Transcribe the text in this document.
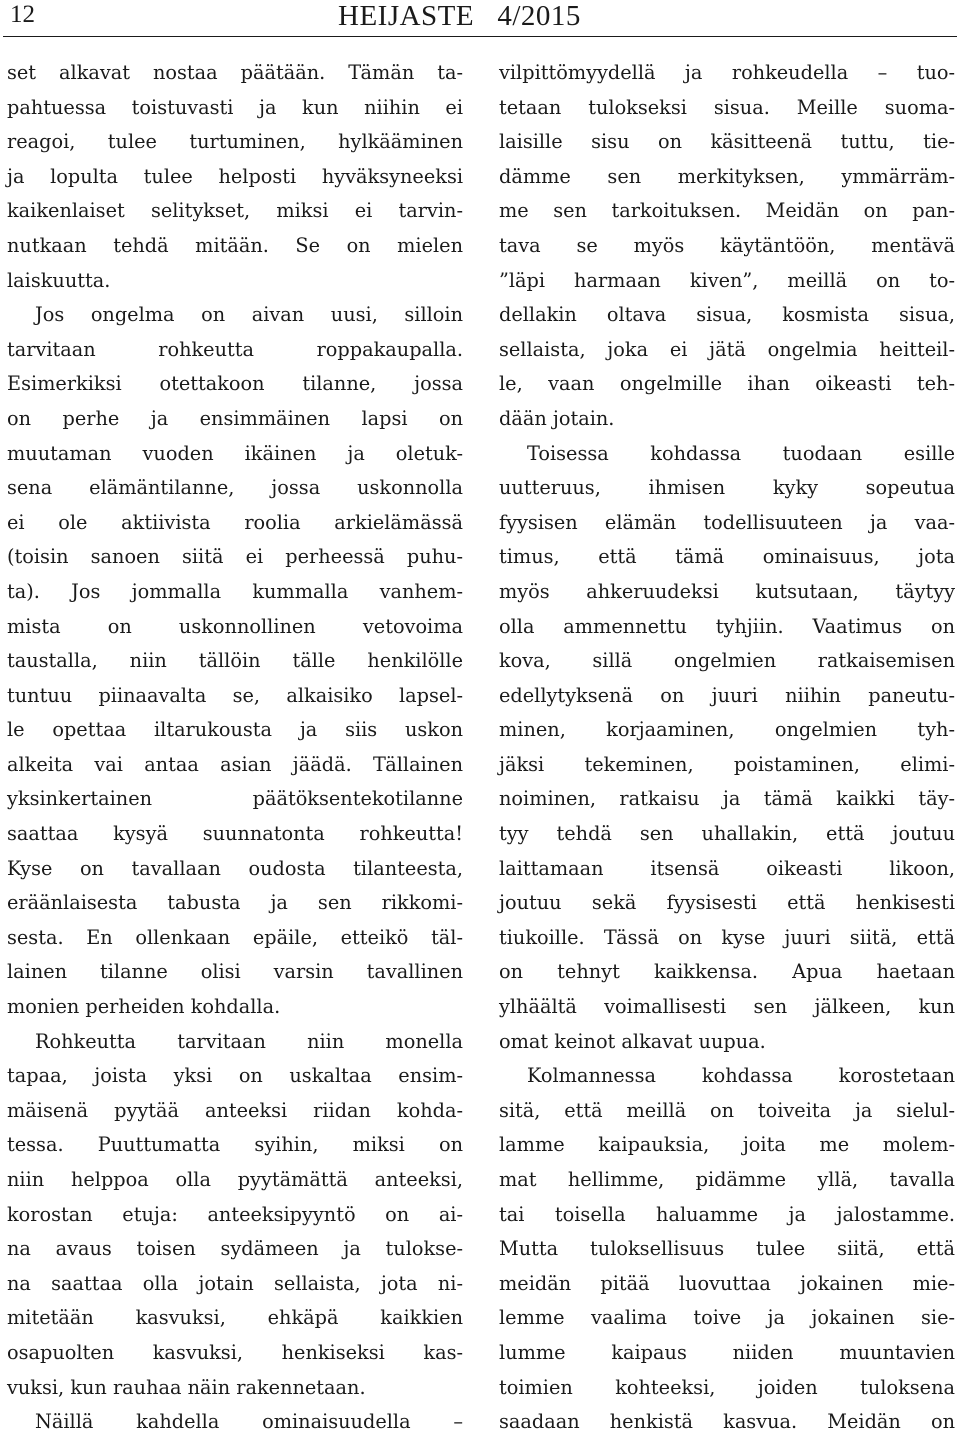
12	HEIJASTE   4/2015
set alkavat nostaa päätään. Tämän ta-
pahtuessa toistuvasti ja kun niihin ei
reagoi, tulee turtuminen, hylkääminen
ja lopulta tulee helposti hyväksyneeksi
kaikenlaiset selitykset, miksi ei tarvin-
nutkaan tehdä mitään. Se on mielen
laiskuutta.
Jos ongelma on aivan uusi, silloin
tarvitaan rohkeutta roppakaupalla.
Esimerkiksi otettakoon tilanne, jossa
on perhe ja ensimmäinen lapsi on
muutaman vuoden ikäinen ja oletuk-
sena elämäntilanne, jossa uskonnolla
ei ole aktiivista roolia arkielämässä
(toisin sanoen siitä ei perheessä puhu-
ta). Jos jommalla kummalla vanhem-
mista on uskonnollinen vetovoima
taustalla, niin tällöin tälle henkilölle
tuntuu piinaavalta se, alkaisiko lapsel-
le opettaa iltarukousta ja siis uskon
alkeita vai antaa asian jäädä. Tällainen
yksinkertainen päätöksentekotilanne
saattaa kysyä suunnatonta rohkeutta!
Kyse on tavallaan oudosta tilanteesta,
eräänlaisesta tabusta ja sen rikkomi-
sesta. En ollenkaan epäile, etteikö täl-
lainen tilanne olisi varsin tavallinen
monien perheiden kohdalla.
Rohkeutta tarvitaan niin monella
tapaa, joista yksi on uskaltaa ensim-
mäisenä pyytää anteeksi riidan kohda-
tessa. Puuttumatta syihin, miksi on
niin helppoa olla pyytämättä anteeksi,
korostan etuja: anteeksipyyntö on ai-
na avaus toisen sydämeen ja tulokse-
na saattaa olla jotain sellaista, jota ni-
mitetään kasvuksi, ehkäpä kaikkien
osapuolten kasvuksi, henkiseksi kas-
vuksi, kun rauhaa näin rakennetaan.
Näillä kahdella ominaisuudella –
vilpittömyydellä ja rohkeudella – tuo-
tetaan tulokseksi sisua. Meille suoma-
laisille sisu on käsitteenä tuttu, tie-
dämme sen merkityksen, ymmärräm-
me sen tarkoituksen. Meidän on pan-
tava se myös käytäntöön, mentävä
”läpi harmaan kiven”, meillä on to-
dellakin oltava sisua, kosmista sisua,
sellaista, joka ei jätä ongelmia heitteil-
le, vaan ongelmille ihan oikeasti teh-
dään jotain.
Toisessa kohdassa tuodaan esille
uutteruus, ihmisen kyky sopeutua
fyysisen elämän todellisuuteen ja vaa-
timus, että tämä ominaisuus, jota
myös ahkeruudeksi kutsutaan, täytyy
olla ammennettu tyhjiin. Vaatimus on
kova, sillä ongelmien ratkaisemisen
edellytyksenä on juuri niihin paneutu-
minen, korjaaminen, ongelmien tyh-
jäksi tekeminen, poistaminen, elimi-
noiminen, ratkaisu ja tämä kaikki täy-
tyy tehdä sen uhallakin, että joutuu
laittamaan itsensä oikeasti likoon,
joutuu sekä fyysisesti että henkisesti
tiukoille. Tässä on kyse juuri siitä, että
on tehnyt kaikkensa. Apua haetaan
ylhäältä voimallisesti sen jälkeen, kun
omat keinot alkavat uupua.
Kolmannessa kohdassa korostetaan
sitä, että meillä on toiveita ja sielul-
lamme kaipauksia, joita me molem-
mat hellimme, pidämme yllä, tavalla
tai toisella haluamme ja jalostamme.
Mutta tuloksellisuus tulee siitä, että
meidän pitää luovuttaa jokainen mie-
lemme vaalima toive ja jokainen sie-
lumme kaipaus niiden muuntavien
toimien kohteeksi, joiden tuloksena
saadaan henkistä kasvua. Meidän on
